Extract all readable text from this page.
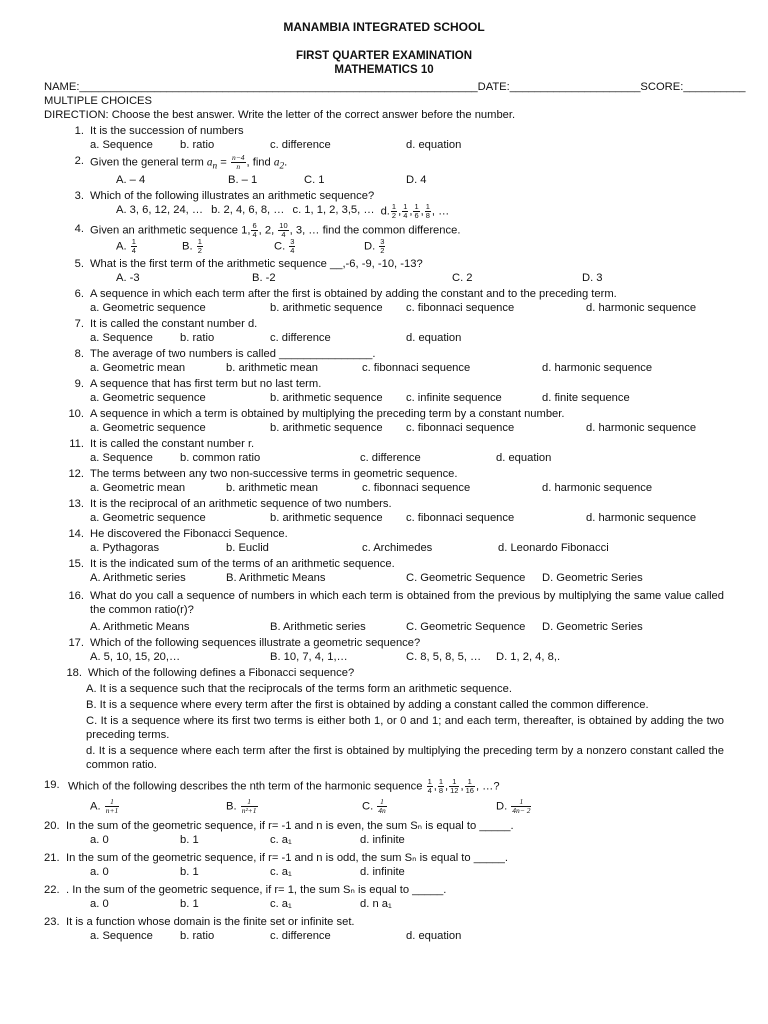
MANAMBIA INTEGRATED SCHOOL
FIRST QUARTER EXAMINATION
MATHEMATICS 10
NAME:________________________________________________________________ DATE:_____________________ SCORE:__________
MULTIPLE CHOICES
DIRECTION: Choose the best answer. Write the letter of the correct answer before the number.
1. It is the succession of numbers
a. Sequence	b. ratio	c. difference	d. equation
2. Given the general term $a_n = \frac{n-4}{n}$ , find $a_2$.
A. – 4	B. – 1	C. 1	D. 4
3. Which of the following illustrates an arithmetic sequence?
A. 3, 6, 12, 24, … b. 2, 4, 6, 8, … c. 1, 1, 2, 3,5, … d. $\frac{1}{2}$ , $\frac{1}{4}$ , $\frac{1}{6}$ , $\frac{1}{8}$ , …
4. Given an arithmetic sequence 1, $\frac{6}{4}$ , 2, $\frac{10}{4}$ , 3, … find the common difference.
A. $\frac{1}{4}$	B. $\frac{1}{2}$	C. $\frac{3}{4}$	D. $\frac{3}{2}$
5. What is the first term of the arithmetic sequence __,-6, -9, -10, -13?
A. -3	B. -2	C. 2	D. 3
6. A sequence in which each term after the first is obtained by adding the constant and to the preceding term.
a. Geometric sequence	b. arithmetic sequence	c. fibonnaci sequence	d. harmonic sequence
7. It is called the constant number d.
a. Sequence	b. ratio	c. difference	d. equation
8. The average of two numbers is called _______________.
a. Geometric mean	b. arithmetic mean	c. fibonnaci sequence	d. harmonic sequence
9. A sequence that has first term but no last term.
a. Geometric sequence	b. arithmetic sequence	c. infinite sequence	d. finite sequence
10. A sequence in which a term is obtained by multiplying the preceding term by a constant number.
a. Geometric sequence	b. arithmetic sequence	c. fibonnaci sequence	d. harmonic sequence
11. It is called the constant number r.
a. Sequence	b. common ratio	c. difference	d. equation
12. The terms between any two non-successive terms in geometric sequence.
a. Geometric mean	b. arithmetic mean	c. fibonnaci sequence	d. harmonic sequence
13. It is the reciprocal of an arithmetic sequence of two numbers.
a. Geometric sequence	b. arithmetic sequence	c. fibonnaci sequence	d. harmonic sequence
14. He discovered the Fibonacci Sequence.
a. Pythagoras	b. Euclid	c. Archimedes	d. Leonardo Fibonacci
15. It is the indicated sum of the terms of an arithmetic sequence.
A. Arithmetic series	B. Arithmetic Means	C. Geometric Sequence	D. Geometric Series
16. What do you call a sequence of numbers in which each term is obtained from the previous by multiplying the same value called the common ratio(r)?
A. Arithmetic Means	B. Arithmetic series	C. Geometric Sequence	D. Geometric Series
17. Which of the following sequences illustrate a geometric sequence?
A. 5, 10, 15, 20,…	B. 10, 7, 4, 1,…	C. 8, 5, 8, 5, …	D. 1, 2, 4, 8,.
18. Which of the following defines a Fibonacci sequence?
A. It is a sequence such that the reciprocals of the terms form an arithmetic sequence.
B. It is a sequence where every term after the first is obtained by adding a constant called the common difference.
C. It is a sequence where its first two terms is either both 1, or 0 and 1; and each term, thereafter, is obtained by adding the two preceding terms.
d. It is a sequence where each term after the first is obtained by multiplying the preceding term by a nonzero constant called the common ratio.
19. Which of the following describes the nth term of the harmonic sequence $\frac{1}{4}$ , $\frac{1}{8}$ , $\frac{1}{12}$ , $\frac{1}{16}$ , …?
A. $\frac{1}{n+1}$	B. $\frac{1}{\text{n²+1}}$	C. $\frac{1}{4n}$	D. $\frac{1}{4n- 2}$
20. In the sum of the geometric sequence, if r= -1 and n is even, the sum Sₙ is equal to _____.
a. 0	b. 1	c. a₁	d. infinite
21. In the sum of the geometric sequence, if r= -1 and n is odd, the sum Sₙ is equal to _____.
a. 0	b. 1	c. a₁	d. infinite
22. . In the sum of the geometric sequence, if r= 1, the sum Sₙ is equal to _____.
a. 0	b. 1	c. a₁	d. n a₁
23. It is a function whose domain is the finite set or infinite set.
a. Sequence	b. ratio	c. difference	d. equation
